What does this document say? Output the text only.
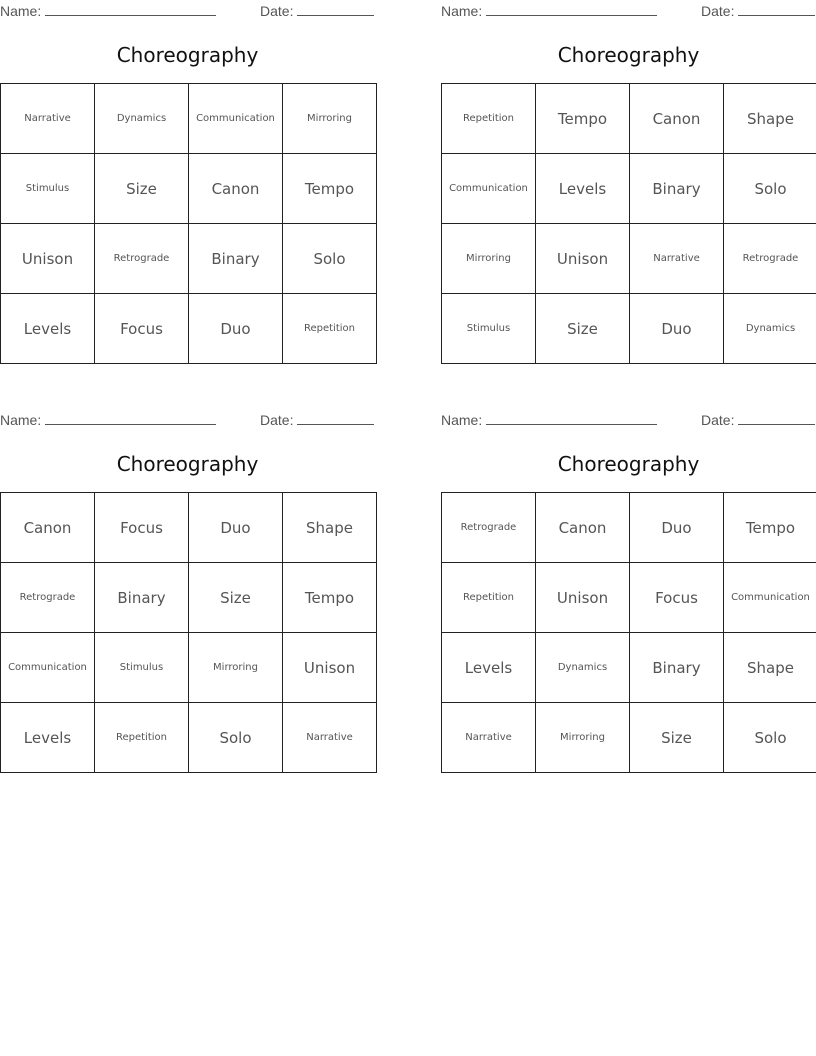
Name:	Date:
Choreography
Narrative	Dynamics	Communication	Mirroring
Stimulus	Size	Canon	Tempo
Unison	Retrograde	Binary	Solo
Levels	Focus	Duo	Repetition
Name:	Date:
Choreography
Repetition	Tempo	Canon	Shape
Communication	Levels	Binary	Solo
Mirroring	Unison	Narrative	Retrograde
Stimulus	Size	Duo	Dynamics
Name:	Date:
Choreography
Canon	Focus	Duo	Shape
Retrograde	Binary	Size	Tempo
Communication	Stimulus	Mirroring	Unison
Levels	Repetition	Solo	Narrative
Name:	Date:
Choreography
Retrograde	Canon	Duo	Tempo
Repetition	Unison	Focus	Communication
Levels	Dynamics	Binary	Shape
Narrative	Mirroring	Size	Solo
